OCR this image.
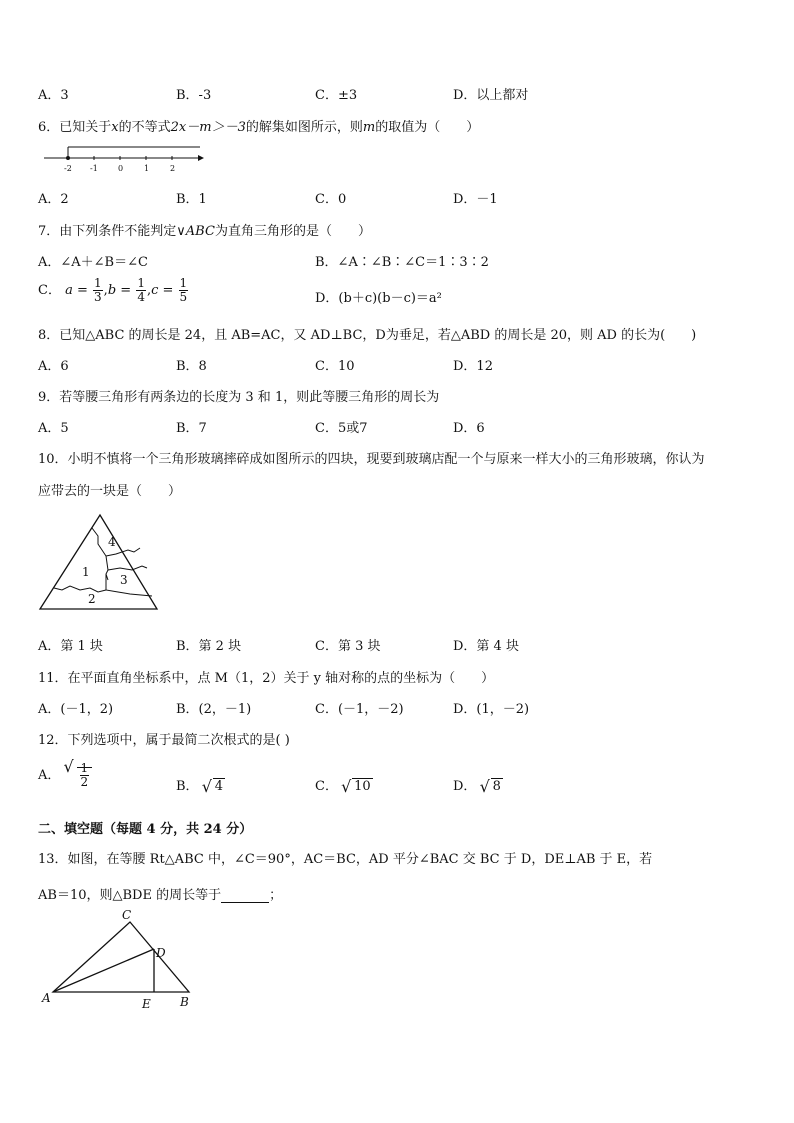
A．3	B．-3	C．±3	D．以上都对
6．已知关于x的不等式2x－m＞－3的解集如图所示，则m的取值为（　　）
-2 -1	0	1	2
A．2	B．1	C．0	D．－1
7．由下列条件不能判定∨ABC为直角三角形的是（　　）
A．∠A＋∠B＝∠C	B．∠A∶∠B∶∠C＝1∶3∶2
C． $a = \frac{1}{3} ,b = \frac{1}{4} ,c = \frac{1}{5}$	D．(b＋c)(b－c)＝a²
8．已知△ABC 的周长是 24，且 AB=AC，又 AD⊥BC，D为垂足，若△ABD 的周长是 20，则 AD 的长为(　　)
A．6	B．8	C．10	D．12
9．若等腰三角形有两条边的长度为 3 和 1，则此等腰三角形的周长为
A．5	B．7	C．5或7	D．6
10．小明不慎将一个三角形玻璃摔碎成如图所示的四块，现要到玻璃店配一个与原来一样大小的三角形玻璃，你认为
应带去的一块是（　　）
1
2
3
4
A．第 1 块	B．第 2 块	C．第 3 块	D．第 4 块
11．在平面直角坐标系中，点 M（1，2）关于 y 轴对称的点的坐标为（　　）
A．(－1，2)	B．(2，－1)	C．(－1，－2)	D．(1，－2)
12．下列选项中，属于最简二次根式的是( )
A． √ $\frac{1}{2}$	B． √ 4	C． √ 10	D． √ 8
二、填空题（每题 4 分，共 24 分）
13．如图，在等腰 Rt△ABC 中，∠C＝90°，AC＝BC，AD 平分∠BAC 交 BC 于 D，DE⊥AB 于 E，若
AB＝10，则△BDE 的周长等于	；
C
D
A	E B
